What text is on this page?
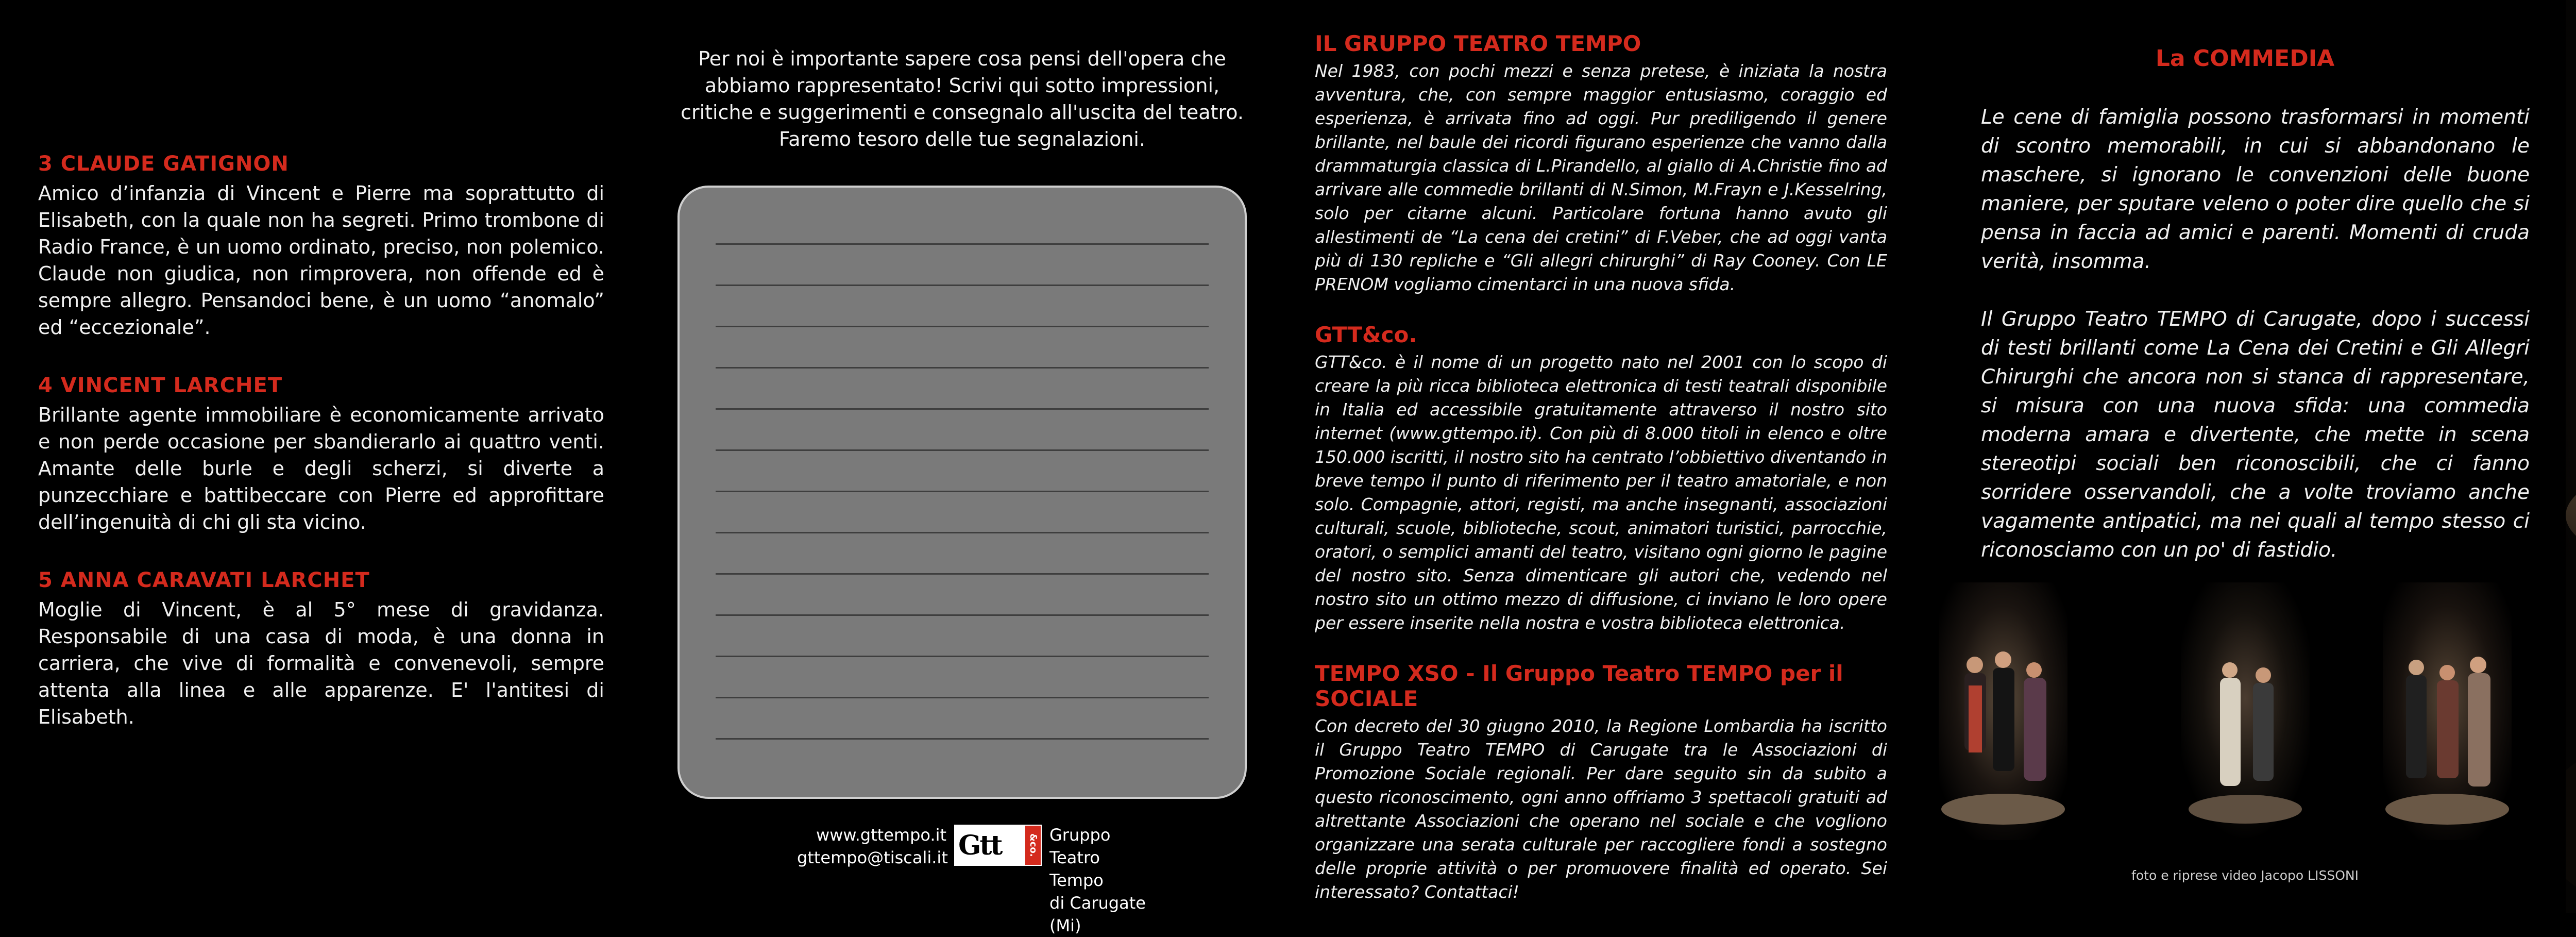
3 CLAUDE GATIGNON

Amico d’infanzia di Vincent e Pierre ma soprattutto di Elisabeth, con la quale non ha segreti. Primo trombone di Radio France, è un uomo ordinato, preciso, non polemico. Claude non giudica, non rimprovera, non offende ed è sempre allegro. Pensandoci bene, è un uomo “anomalo” ed “eccezionale”.

4 VINCENT LARCHET

Brillante agente immobiliare è economicamente arrivato e non perde occasione per sbandierarlo ai quattro venti. Amante delle burle e degli scherzi, si diverte a punzecchiare e battibeccare con Pierre ed approfittare dell’ingenuità di chi gli sta vicino.

5 ANNA CARAVATI LARCHET

Moglie di Vincent, è al 5° mese di gravidanza. Responsabile di una casa di moda, è una donna in carriera, che vive di formalità e convenevoli, sempre attenta alla linea e alle apparenze. E' l'antitesi di Elisabeth.

Per noi è importante sapere cosa pensi dell'opera che abbiamo rappresentato! Scrivi qui sotto impressioni, critiche e suggerimenti e consegnalo all'uscita del teatro. Faremo tesoro delle tue segnalazioni.

www.gttempo.it
gttempo@tiscali.it Gtt	&co. Gruppo Teatro Tempo
di Carugate (Mi)
IL GRUPPO TEATRO TEMPO

Nel 1983, con pochi mezzi e senza pretese, è iniziata la nostra avventura, che, con sempre maggior entusiasmo, coraggio ed esperienza, è arrivata fino ad oggi. Pur prediligendo il genere brillante, nel baule dei ricordi figurano esperienze che vanno dalla drammaturgia classica di L.Pirandello, al giallo di A.Christie fino ad arrivare alle commedie brillanti di N.Simon, M.Frayn e J.Kesselring, solo per citarne alcuni. Particolare fortuna hanno avuto gli allestimenti de “La cena dei cretini” di F.Veber, che ad oggi vanta più di 130 repliche e “Gli allegri chirurghi” di Ray Cooney. Con LE PRENOM vogliamo cimentarci in una nuova sfida.

GTT&co.

GTT&co. è il nome di un progetto nato nel 2001 con lo scopo di creare la più ricca biblioteca elettronica di testi teatrali disponibile in Italia ed accessibile gratuitamente attraverso il nostro sito internet (www.gttempo.it). Con più di 8.000 titoli in elenco e oltre 150.000 iscritti, il nostro sito ha centrato l’obbiettivo diventando in breve tempo il punto di riferimento per il teatro amatoriale, e non solo. Compagnie, attori, registi, ma anche insegnanti, associazioni culturali, scuole, biblioteche, scout, animatori turistici, parrocchie, oratori, o semplici amanti del teatro, visitano ogni giorno le pagine del nostro sito. Senza dimenticare gli autori che, vedendo nel nostro sito un ottimo mezzo di diffusione, ci inviano le loro opere per essere inserite nella nostra e vostra biblioteca elettronica.

TEMPO XSO - Il Gruppo Teatro TEMPO per il SOCIALE

Con decreto del 30 giugno 2010, la Regione Lombardia ha iscritto il Gruppo Teatro TEMPO di Carugate tra le Associazioni di Promozione Sociale regionali. Per dare seguito sin da subito a questo riconoscimento, ogni anno offriamo 3 spettacoli gratuiti ad altrettante Associazioni che operano nel sociale e che vogliono organizzare una serata culturale per raccogliere fondi a sostegno delle proprie attività o per promuovere finalità ed operato. Sei interessato? Contattaci!

La COMMEDIA

Le cene di famiglia possono trasformarsi in momenti di scontro memorabili, in cui si abbandonano le maschere, si ignorano le convenzioni delle buone maniere, per sputare veleno o poter dire quello che si pensa in faccia ad amici e parenti. Momenti di cruda verità, insomma.

Il Gruppo Teatro TEMPO di Carugate, dopo i successi di testi brillanti come La Cena dei Cretini e Gli Allegri Chirurghi che ancora non si stanca di rappresentare, si misura con una nuova sfida: una commedia moderna amara e divertente, che mette in scena stereotipi sociali ben riconoscibili, che ci fanno sorridere osservandoli, che a volte troviamo anche vagamente antipatici, ma nei quali al tempo stesso ci riconosciamo con un po' di fastidio.

foto e riprese video Jacopo LISSONI
